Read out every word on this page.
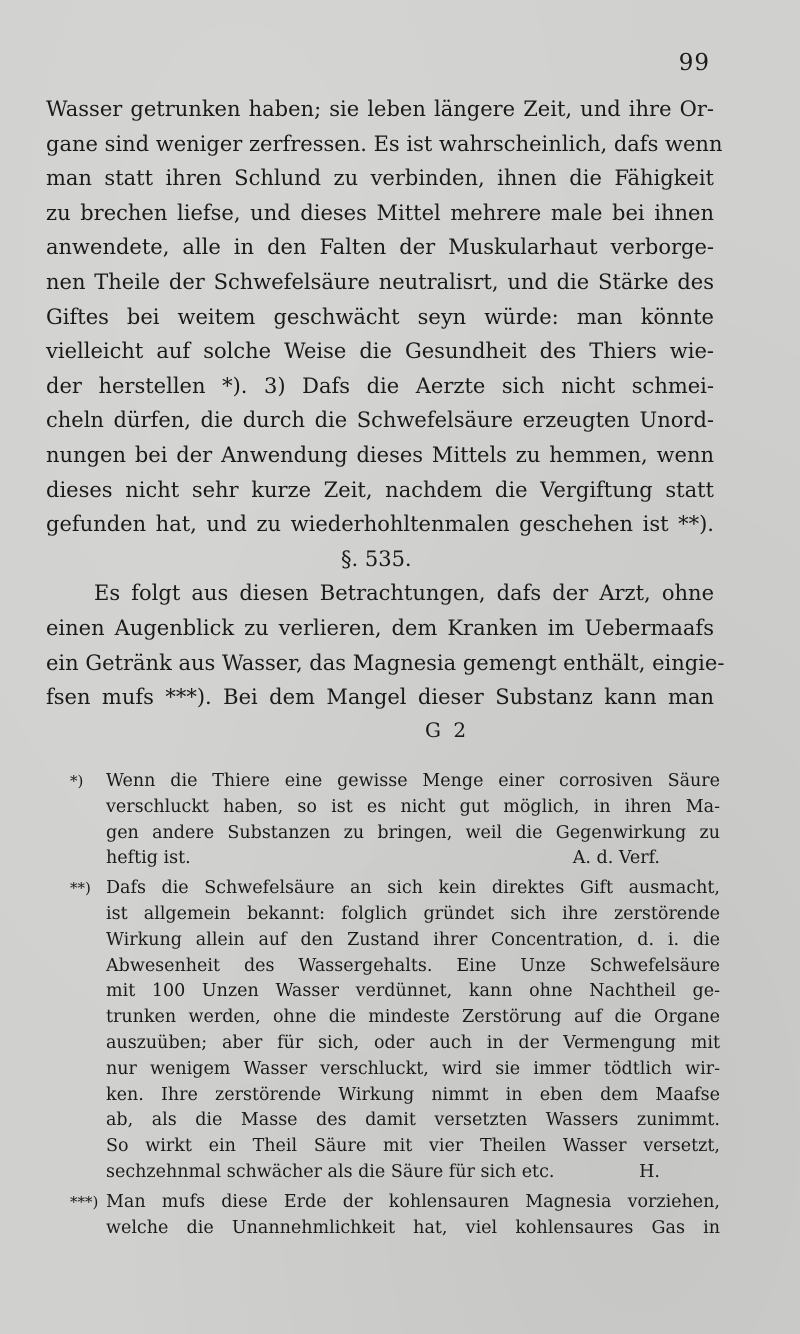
99
Wasser getrunken haben; sie leben längere Zeit, und ihre Or-
gane sind weniger zerfressen. Es ist wahrscheinlich, dafs wenn
man statt ihren Schlund zu verbinden, ihnen die Fähigkeit
zu brechen liefse, und dieses Mittel mehrere male bei ihnen
anwendete, alle in den Falten der Muskularhaut verborge-
nen Theile der Schwefelsäure neutralisrt, und die Stärke des
Giftes bei weitem geschwächt seyn würde: man könnte
vielleicht auf solche Weise die Gesundheit des Thiers wie-
der herstellen *). 3) Dafs die Aerzte sich nicht schmei-
cheln dürfen, die durch die Schwefelsäure erzeugten Unord-
nungen bei der Anwendung dieses Mittels zu hemmen, wenn
dieses nicht sehr kurze Zeit, nachdem die Vergiftung statt
gefunden hat, und zu wiederhohltenmalen geschehen ist **).
§. 535.
Es folgt aus diesen Betrachtungen, dafs der Arzt, ohne
einen Augenblick zu verlieren, dem Kranken im Uebermaafs
ein Getränk aus Wasser, das Magnesia gemengt enthält, eingie-
fsen mufs ***). Bei dem Mangel dieser Substanz kann man
G 2
*) Wenn die Thiere eine gewisse Menge einer corrosiven Säure
verschluckt haben, so ist es nicht gut möglich, in ihren Ma-
gen andere Substanzen zu bringen, weil die Gegenwirkung zu
heftig ist.	A. d. Verf.
**) Dafs die Schwefelsäure an sich kein direktes Gift ausmacht,
ist allgemein bekannt: folglich gründet sich ihre zerstörende
Wirkung allein auf den Zustand ihrer Concentration, d. i. die
Abwesenheit des Wassergehalts. Eine Unze Schwefelsäure
mit 100 Unzen Wasser verdünnet, kann ohne Nachtheil ge-
trunken werden, ohne die mindeste Zerstörung auf die Organe
auszuüben; aber für sich, oder auch in der Vermengung mit
nur wenigem Wasser verschluckt, wird sie immer tödtlich wir-
ken. Ihre zerstörende Wirkung nimmt in eben dem Maafse
ab, als die Masse des damit versetzten Wassers zunimmt.
So wirkt ein Theil Säure mit vier Theilen Wasser versetzt,
sechzehnmal schwächer als die Säure für sich etc.	H.
***) Man mufs diese Erde der kohlensauren Magnesia vorziehen,
welche die Unannehmlichkeit hat, viel kohlensaures Gas in
